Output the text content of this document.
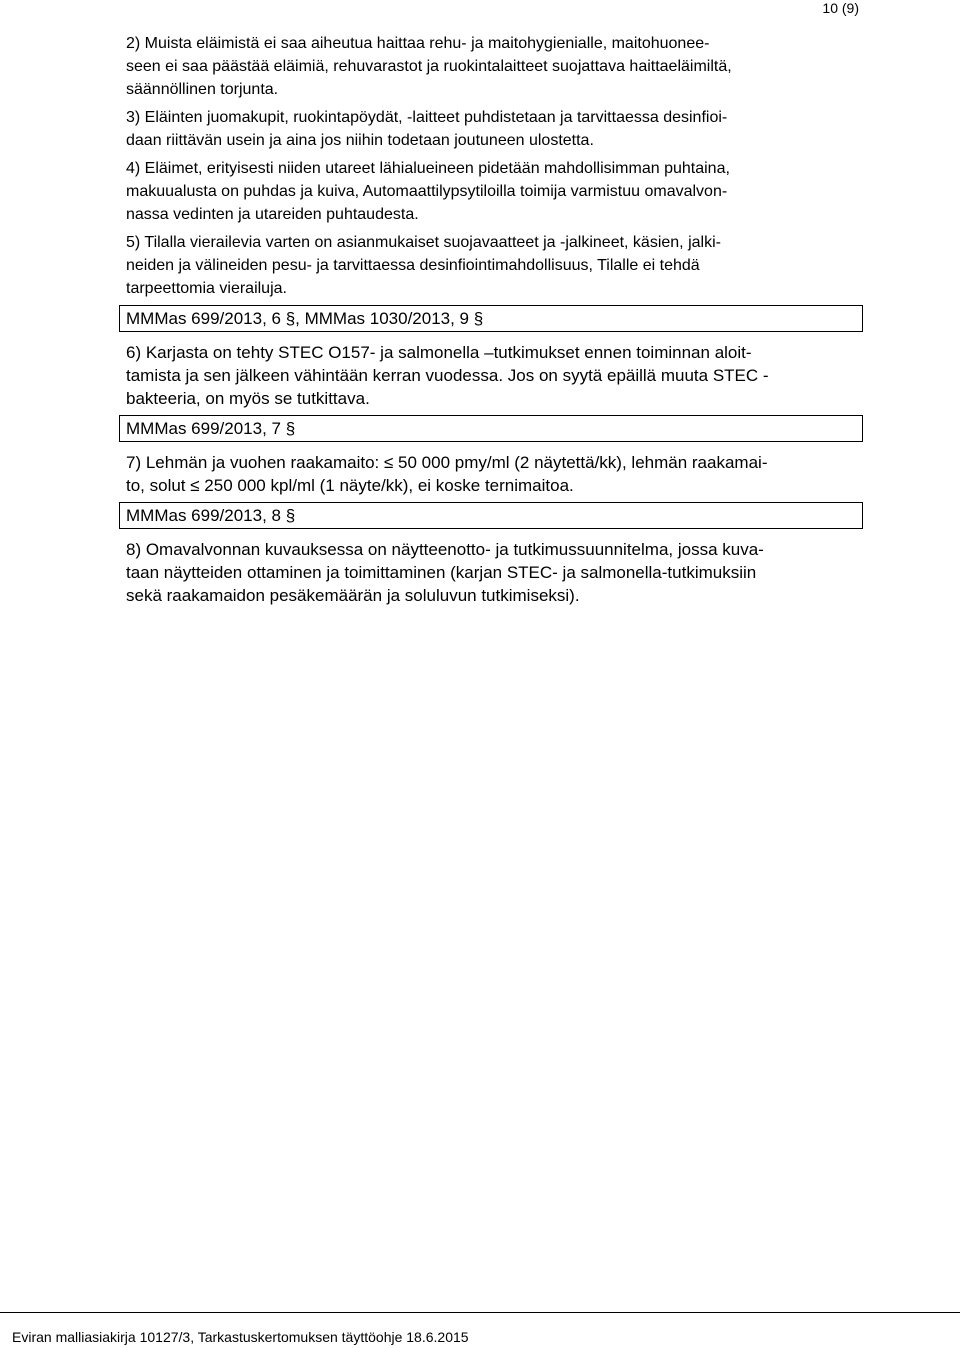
10 (9)
2) Muista eläimistä ei saa aiheutua haittaa rehu- ja maitohygienialle, maitohuonee-
seen ei saa päästää eläimiä, rehuvarastot ja ruokintalaitteet suojattava haittaeläimiltä,
säännöllinen torjunta.
3) Eläinten juomakupit, ruokintapöydät, -laitteet puhdistetaan ja tarvittaessa desinfioi-
daan riittävän usein ja aina jos niihin todetaan joutuneen ulostetta.
4) Eläimet, erityisesti niiden utareet lähialueineen pidetään mahdollisimman puhtaina,
makuualusta on puhdas ja kuiva, Automaattilypsytiloilla toimija varmistuu omavalvon-
nassa vedinten ja utareiden puhtaudesta.
5) Tilalla vierailevia varten on asianmukaiset suojavaatteet ja -jalkineet, käsien, jalki-
neiden ja välineiden pesu- ja tarvittaessa desinfiointimahdollisuus, Tilalle ei tehdä
tarpeettomia vierailuja.
MMMas 699/2013, 6 §, MMMas 1030/2013, 9 §
6) Karjasta on tehty STEC O157- ja salmonella –tutkimukset ennen toiminnan aloit-
tamista ja sen jälkeen vähintään kerran vuodessa. Jos on syytä epäillä muuta STEC -
bakteeria, on myös se tutkittava.
MMMas 699/2013, 7 §
7) Lehmän ja vuohen raakamaito: ≤ 50 000 pmy/ml (2 näytettä/kk), lehmän raakamai-
to, solut ≤ 250 000 kpl/ml (1 näyte/kk), ei koske ternimaitoa.
MMMas 699/2013, 8 §
8) Omavalvonnan kuvauksessa on näytteenotto- ja tutkimussuunnitelma, jossa kuva-
taan näytteiden ottaminen ja toimittaminen (karjan STEC- ja salmonella-tutkimuksiin
sekä raakamaidon pesäkemäärän ja soluluvun tutkimiseksi).
Eviran malliasiakirja 10127/3, Tarkastuskertomuksen täyttöohje 18.6.2015
